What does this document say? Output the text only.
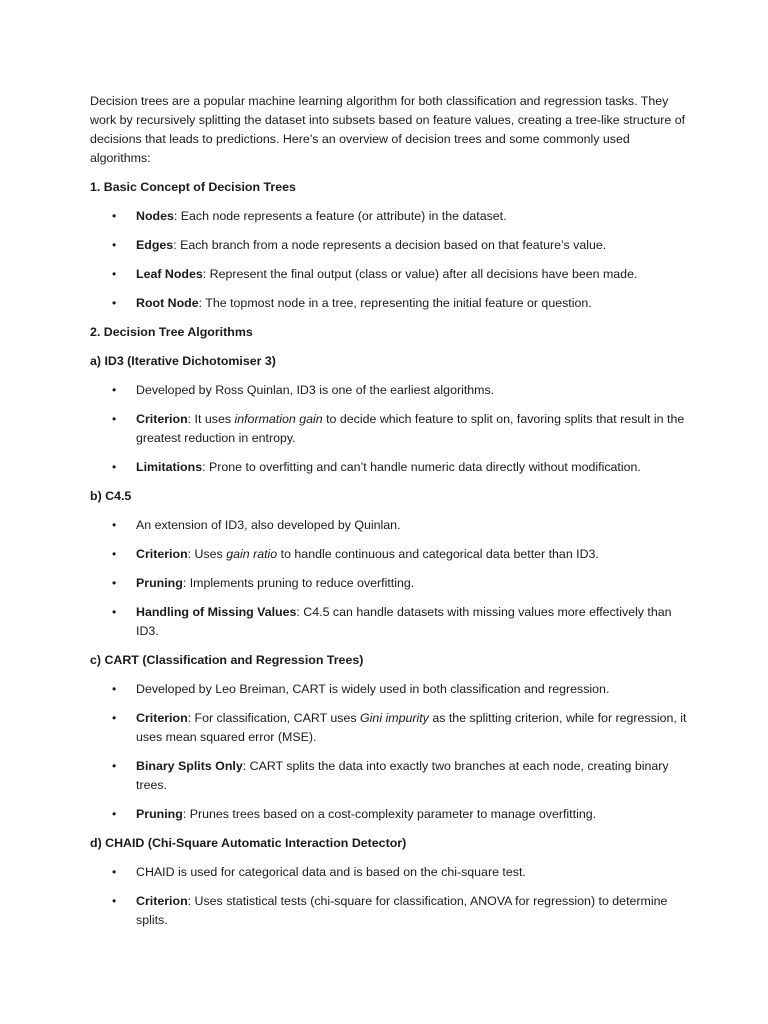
Decision trees are a popular machine learning algorithm for both classification and regression tasks. They work by recursively splitting the dataset into subsets based on feature values, creating a tree-like structure of decisions that leads to predictions. Here’s an overview of decision trees and some commonly used algorithms:

1. Basic Concept of Decision Trees

• Nodes: Each node represents a feature (or attribute) in the dataset.
• Edges: Each branch from a node represents a decision based on that feature’s value.
• Leaf Nodes: Represent the final output (class or value) after all decisions have been made.
• Root Node: The topmost node in a tree, representing the initial feature or question.

2. Decision Tree Algorithms

a) ID3 (Iterative Dichotomiser 3)

• Developed by Ross Quinlan, ID3 is one of the earliest algorithms.
• Criterion: It uses information gain to decide which feature to split on, favoring splits that result in the greatest reduction in entropy.
• Limitations: Prone to overfitting and can’t handle numeric data directly without modification.

b) C4.5

• An extension of ID3, also developed by Quinlan.
• Criterion: Uses gain ratio to handle continuous and categorical data better than ID3.
• Pruning: Implements pruning to reduce overfitting.
• Handling of Missing Values: C4.5 can handle datasets with missing values more effectively than ID3.

c) CART (Classification and Regression Trees)

• Developed by Leo Breiman, CART is widely used in both classification and regression.
• Criterion: For classification, CART uses Gini impurity as the splitting criterion, while for regression, it uses mean squared error (MSE).
• Binary Splits Only: CART splits the data into exactly two branches at each node, creating binary trees.
• Pruning: Prunes trees based on a cost-complexity parameter to manage overfitting.

d) CHAID (Chi-Square Automatic Interaction Detector)

• CHAID is used for categorical data and is based on the chi-square test.
• Criterion: Uses statistical tests (chi-square for classification, ANOVA for regression) to determine splits.
